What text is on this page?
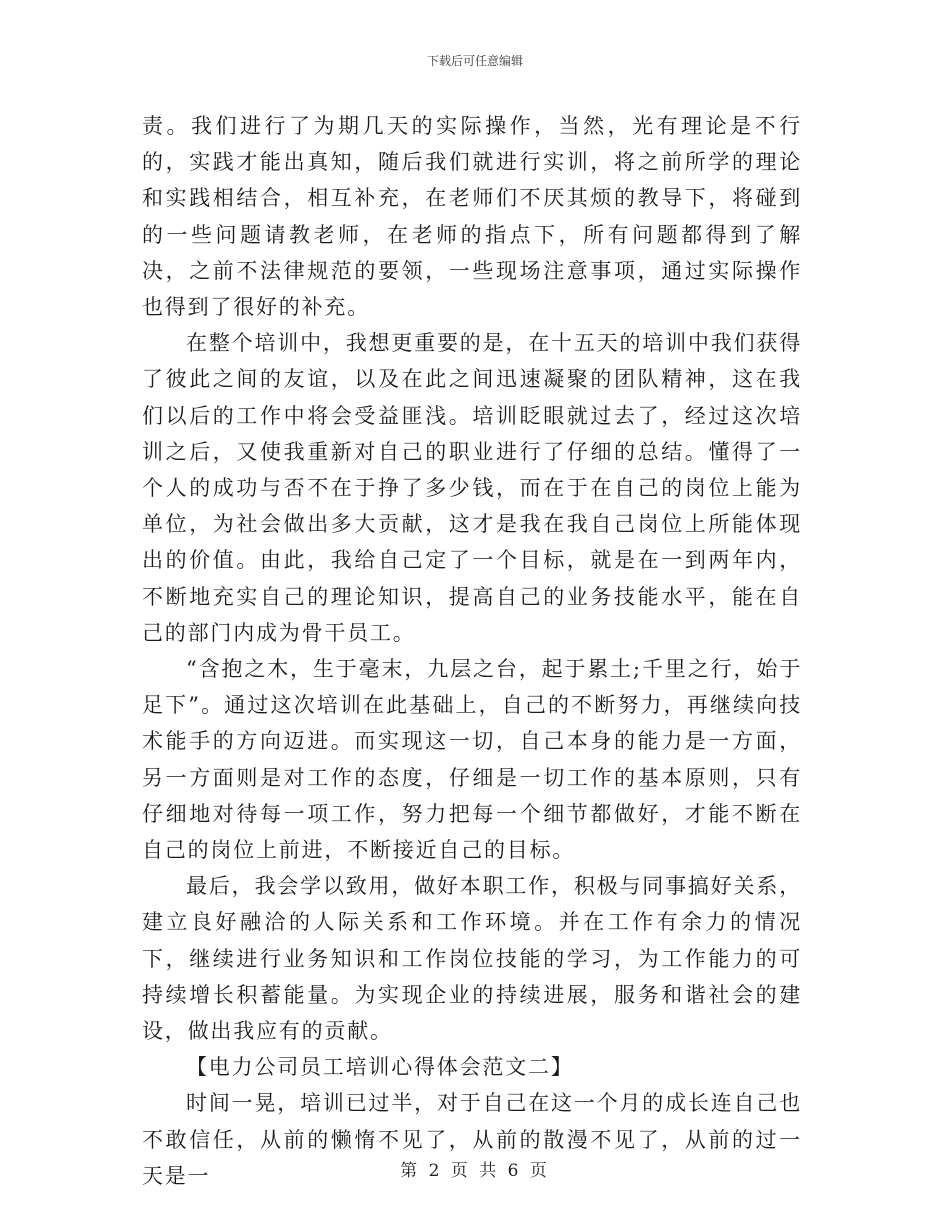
下载后可任意编辑

责。我们进行了为期几天的实际操作，当然，光有理论是不行的，实践才能出真知，随后我们就进行实训，将之前所学的理论和实践相结合，相互补充，在老师们不厌其烦的教导下，将碰到的一些问题请教老师，在老师的指点下，所有问题都得到了解决，之前不法律规范的要领，一些现场注意事项，通过实际操作也得到了很好的补充。

在整个培训中，我想更重要的是，在十五天的培训中我们获得了彼此之间的友谊，以及在此之间迅速凝聚的团队精神，这在我们以后的工作中将会受益匪浅。培训眨眼就过去了，经过这次培训之后，又使我重新对自己的职业进行了仔细的总结。懂得了一个人的成功与否不在于挣了多少钱，而在于在自己的岗位上能为单位，为社会做出多大贡献，这才是我在我自己岗位上所能体现出的价值。由此，我给自己定了一个目标，就是在一到两年内，不断地充实自己的理论知识，提高自己的业务技能水平，能在自己的部门内成为骨干员工。

“含抱之木，生于毫末，九层之台，起于累土;千里之行，始于足下”。通过这次培训在此基础上，自己的不断努力，再继续向技术能手的方向迈进。而实现这一切，自己本身的能力是一方面，另一方面则是对工作的态度，仔细是一切工作的基本原则，只有仔细地对待每一项工作，努力把每一个细节都做好，才能不断在自己的岗位上前进，不断接近自己的目标。

最后，我会学以致用，做好本职工作，积极与同事搞好关系，建立良好融洽的人际关系和工作环境。并在工作有余力的情况下，继续进行业务知识和工作岗位技能的学习，为工作能力的可持续增长积蓄能量。为实现企业的持续进展，服务和谐社会的建设，做出我应有的贡献。

【电力公司员工培训心得体会范文二】

时间一晃，培训已过半，对于自己在这一个月的成长连自己也不敢信任，从前的懒惰不见了，从前的散漫不见了，从前的过一天是一	第 2 页 共 6 页
